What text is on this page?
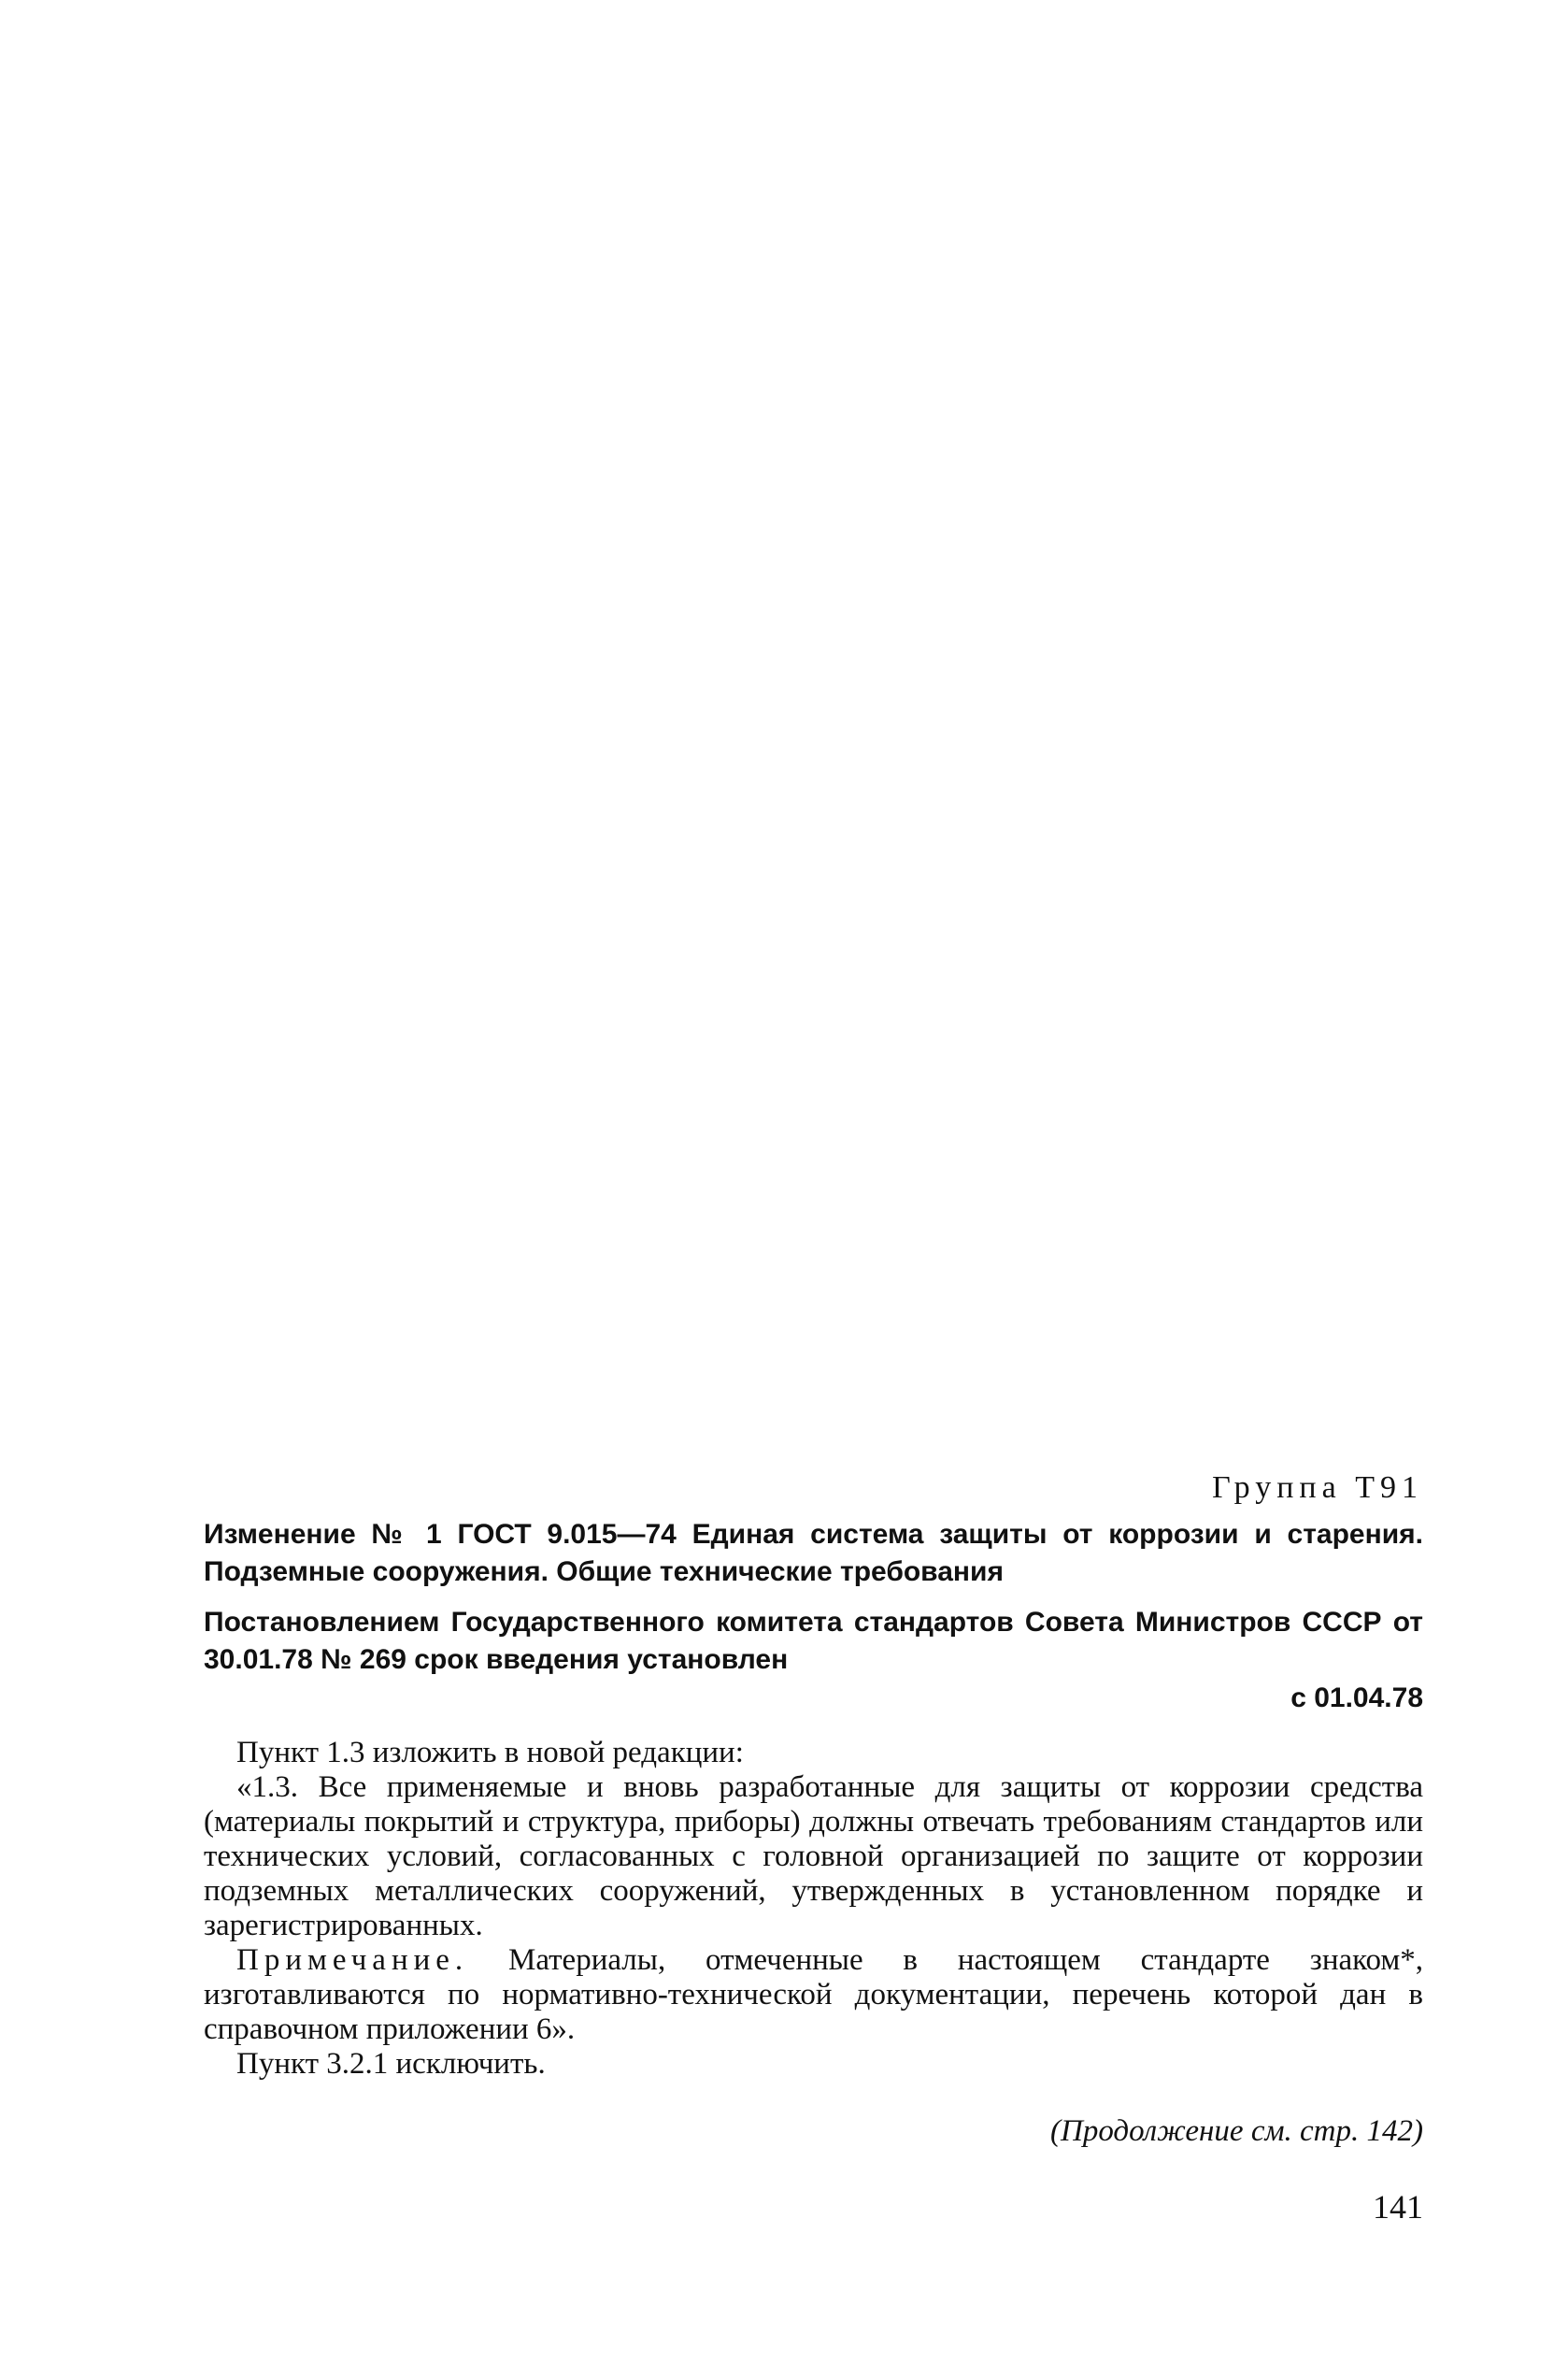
Группа Т91

Изменение № 1 ГОСТ 9.015—74 Единая система защиты от коррозии и старения. Подземные сооружения. Общие технические требования

Постановлением Государственного комитета стандартов Совета Министров СССР от 30.01.78 № 269 срок введения установлен

с 01.04.78

Пункт 1.3 изложить в новой редакции:

«1.3. Все применяемые и вновь разработанные для защиты от коррозии средства (материалы покрытий и структура, приборы) должны отвечать требованиям стандартов или технических условий, согласованных с головной организацией по защите от коррозии подземных металлических сооружений, утвержденных в установленном порядке и зарегистрированных.

Примечание. Материалы, отмеченные в настоящем стандарте знаком*, изготавливаются по нормативно-технической документации, перечень которой дан в справочном приложении 6».

Пункт 3.2.1 исключить.

(Продолжение см. стр. 142)
141
